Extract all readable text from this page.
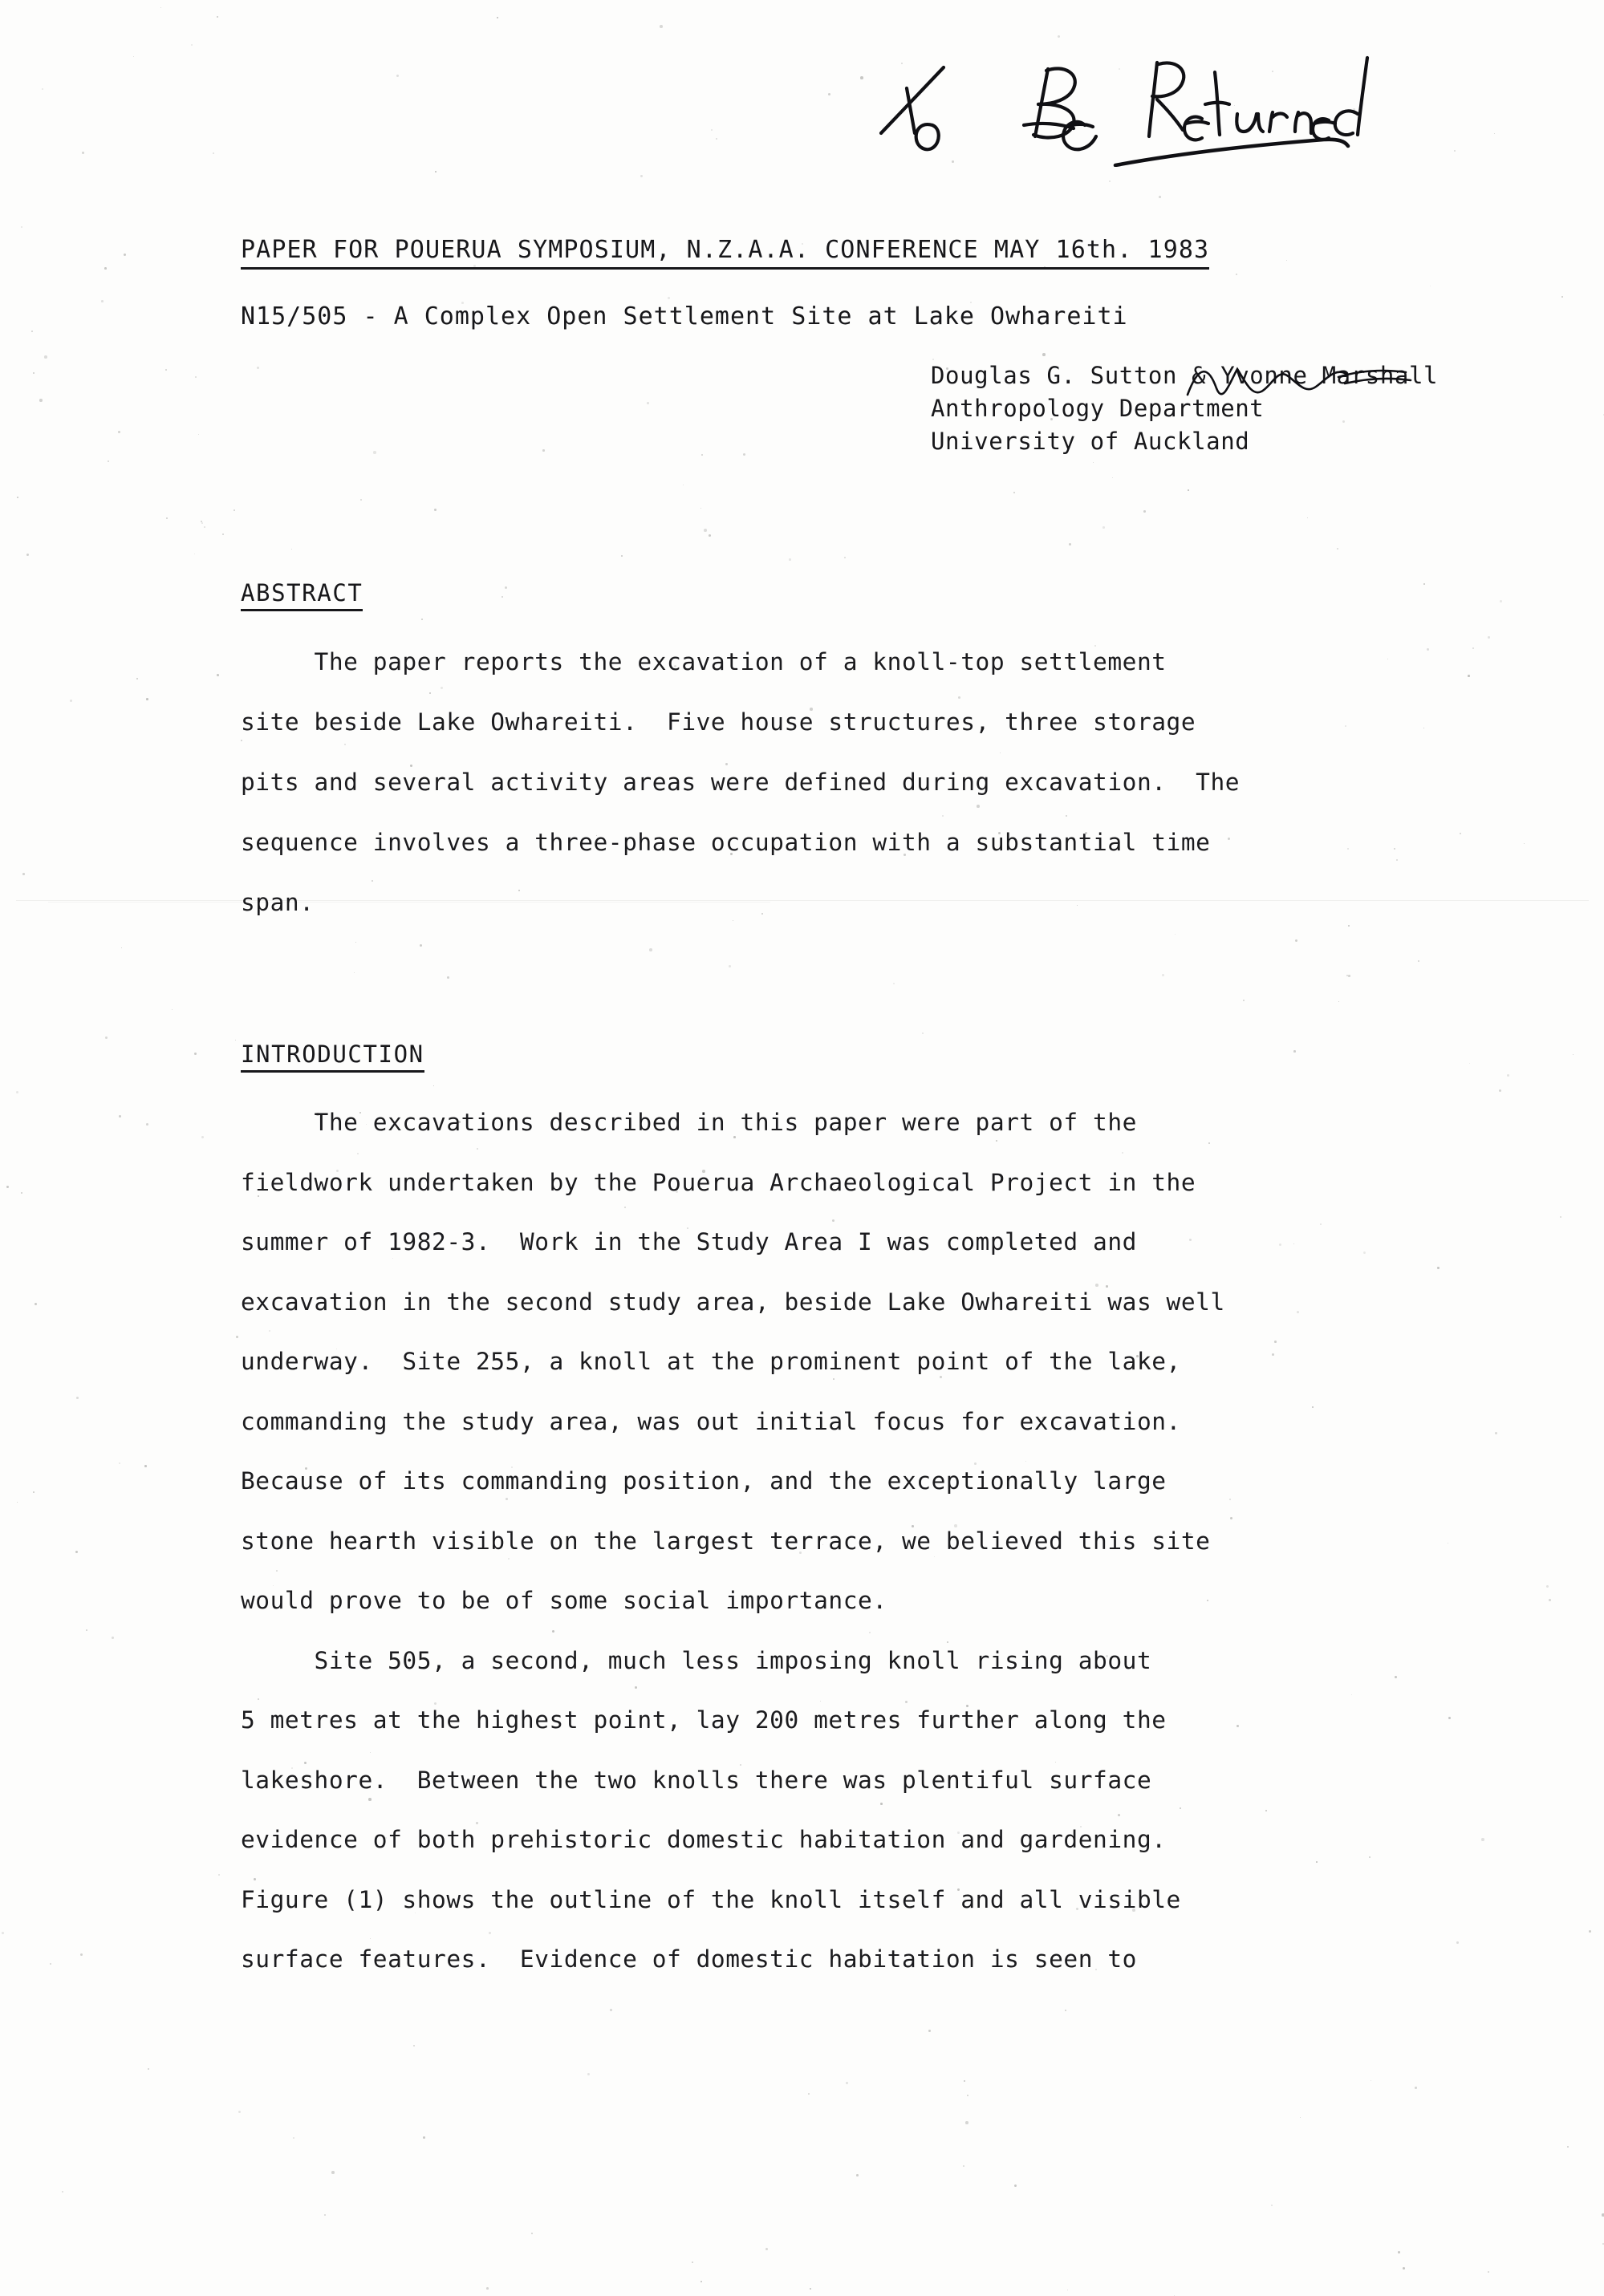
PAPER FOR POUERUA SYMPOSIUM, N.Z.A.A. CONFERENCE MAY 16th. 1983
N15/505 - A Complex Open Settlement Site at Lake Owhareiti
Douglas G. Sutton & Yvonne Marshall
Anthropology Department
University of Auckland
ABSTRACT
The paper reports the excavation of a knoll-top settlement
site beside Lake Owhareiti.  Five house structures, three storage
pits and several activity areas were defined during excavation.  The
sequence involves a three-phase occupation with a substantial time
span.
INTRODUCTION
The excavations described in this paper were part of the
fieldwork undertaken by the Pouerua Archaeological Project in the
summer of 1982-3.  Work in the Study Area I was completed and
excavation in the second study area, beside Lake Owhareiti was well
underway.  Site 255, a knoll at the prominent point of the lake,
commanding the study area, was out initial focus for excavation.
Because of its commanding position, and the exceptionally large
stone hearth visible on the largest terrace, we believed this site
would prove to be of some social importance.
Site 505, a second, much less imposing knoll rising about
5 metres at the highest point, lay 200 metres further along the
lakeshore.  Between the two knolls there was plentiful surface
evidence of both prehistoric domestic habitation and gardening.
Figure (1) shows the outline of the knoll itself and all visible
surface features.  Evidence of domestic habitation is seen to
